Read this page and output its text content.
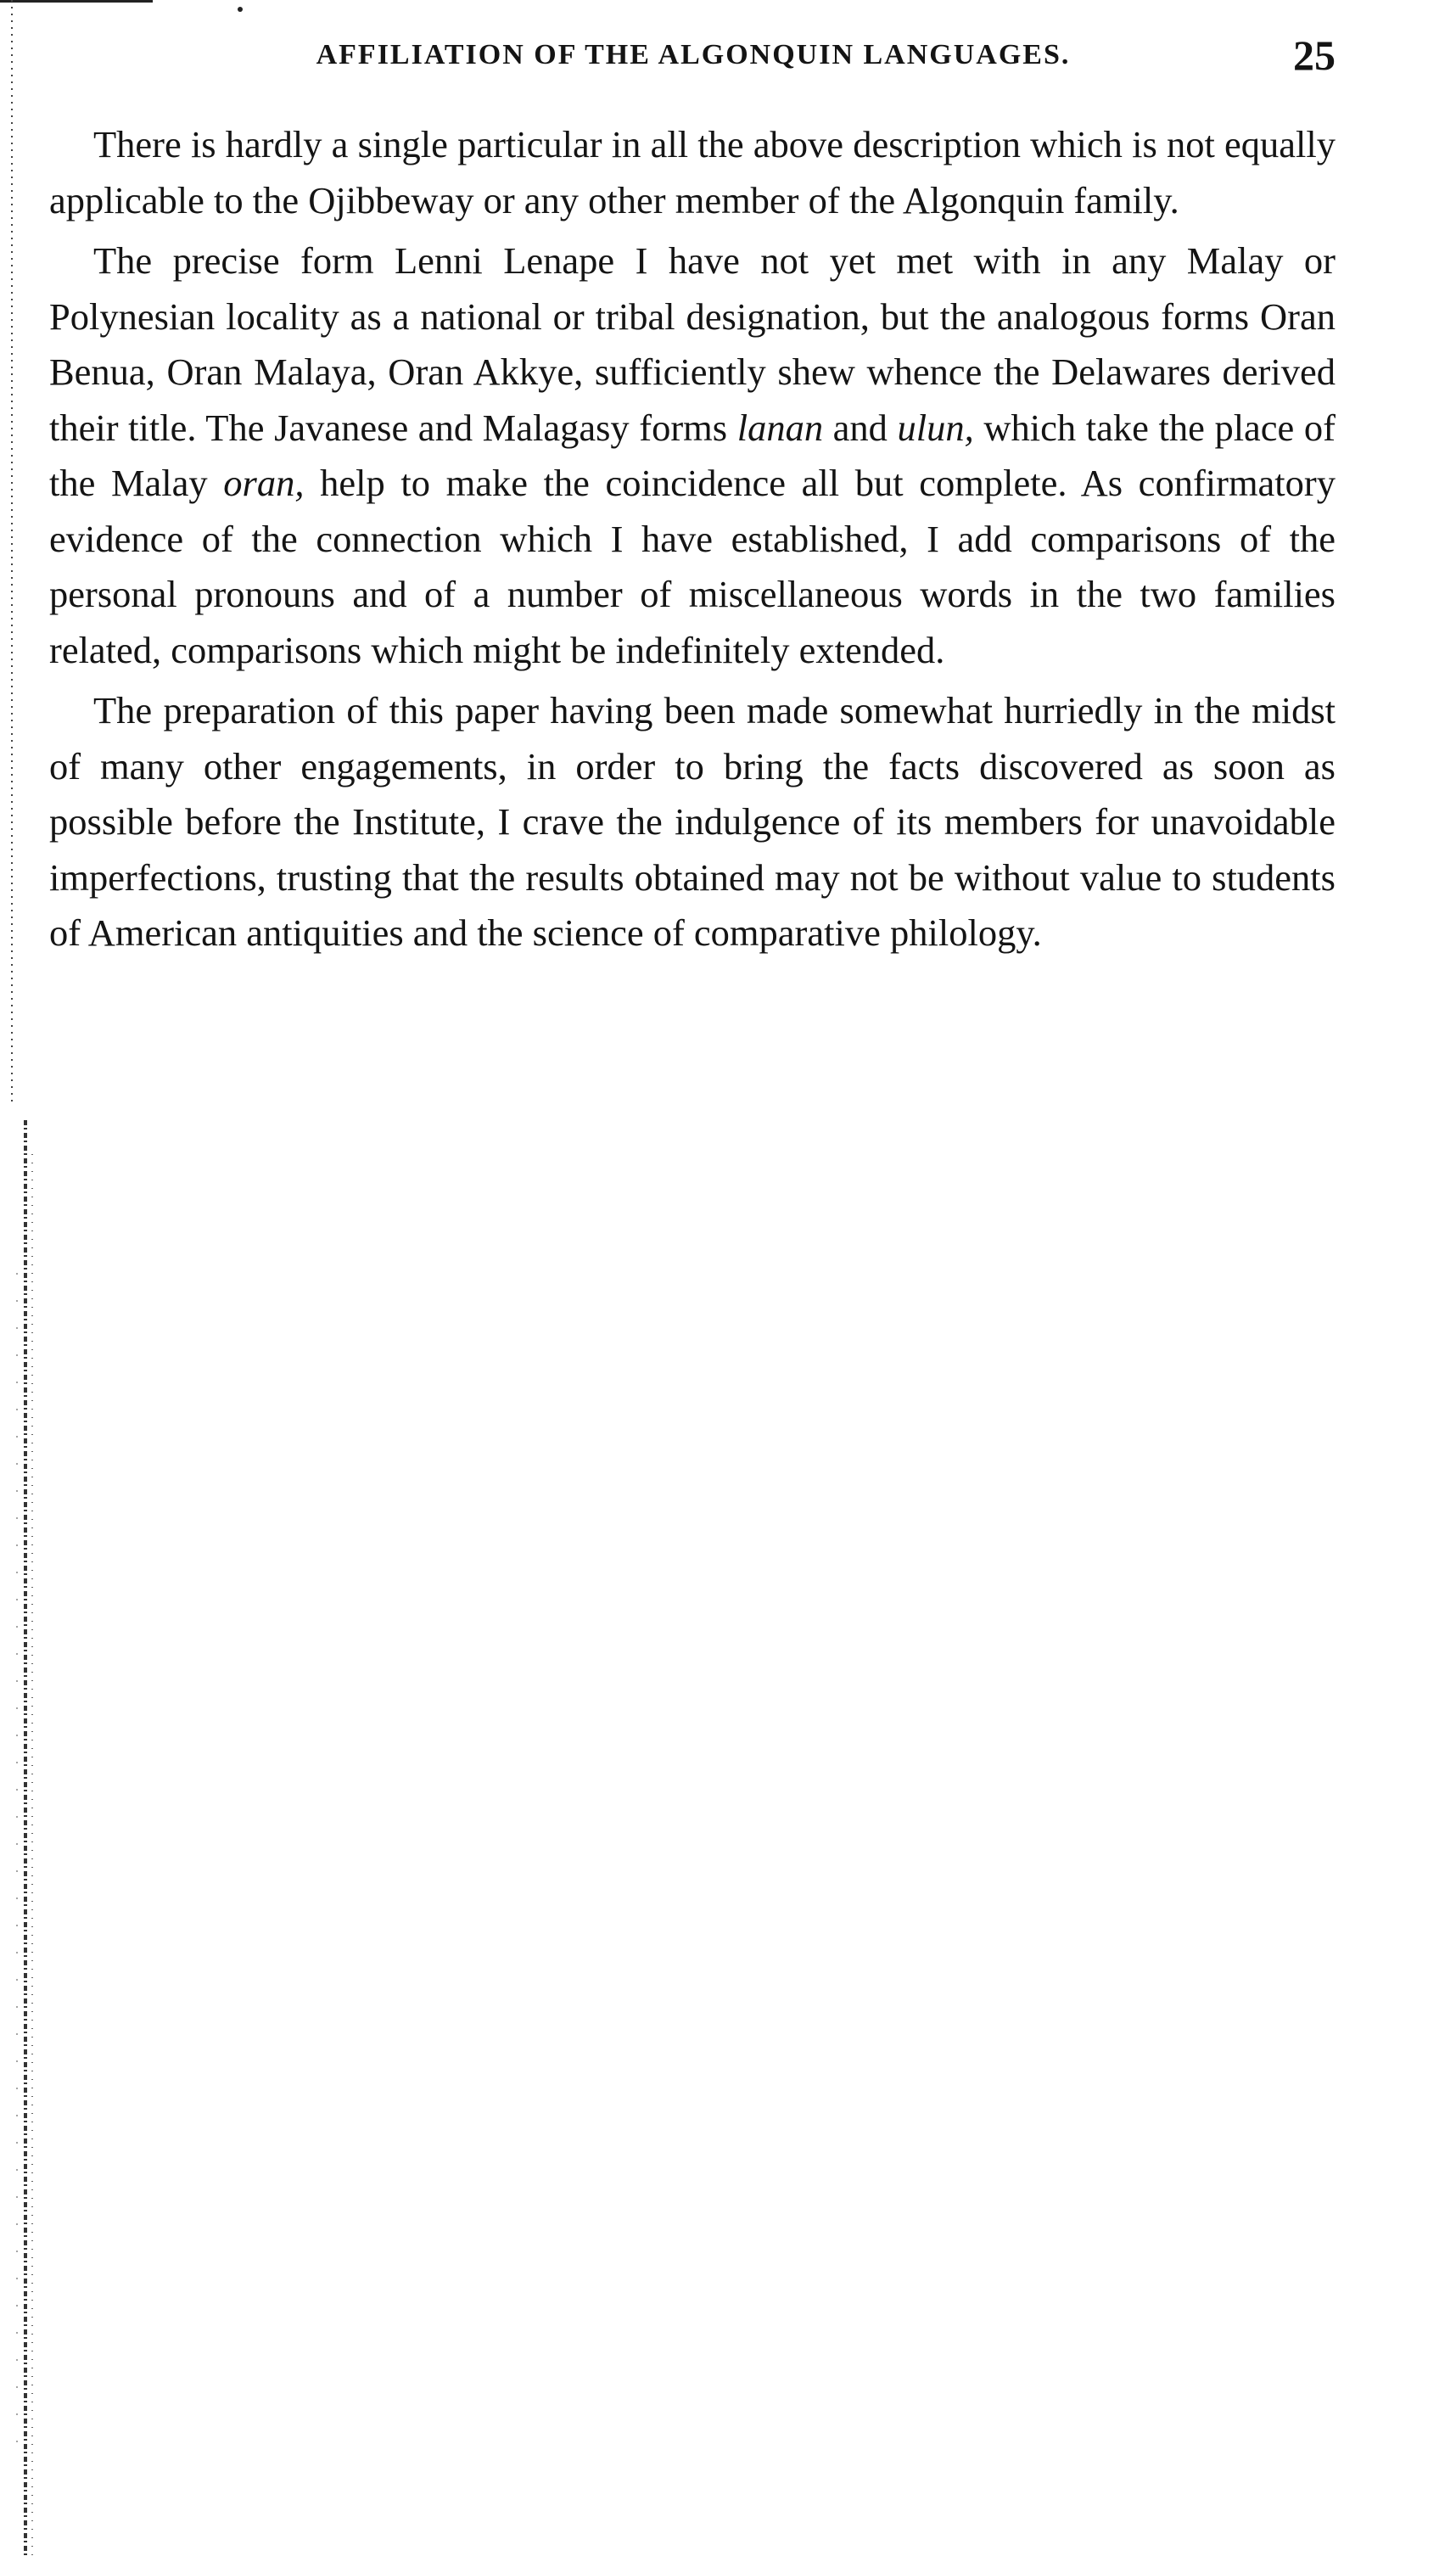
AFFILIATION OF THE ALGONQUIN LANGUAGES.	25

There is hardly a single particular in all the above description which is not equally applicable to the Ojibbeway or any other member of the Algonquin family.

The precise form Lenni Lenape I have not yet met with in any Malay or Polynesian locality as a national or tribal designation, but the analogous forms Oran Benua, Oran Malaya, Oran Akkye, sufficiently shew whence the Delawares derived their title. The Javanese and Malagasy forms lanan and ulun, which take the place of the Malay oran, help to make the coincidence all but complete. As confirmatory evidence of the connection which I have established, I add comparisons of the personal pronouns and of a number of miscellaneous words in the two families related, comparisons which might be indefinitely extended.

The preparation of this paper having been made somewhat hurriedly in the midst of many other engagements, in order to bring the facts discovered as soon as possible before the Institute, I crave the indulgence of its members for unavoidable imperfections, trusting that the results obtained may not be without value to students of American antiquities and the science of comparative philology.
